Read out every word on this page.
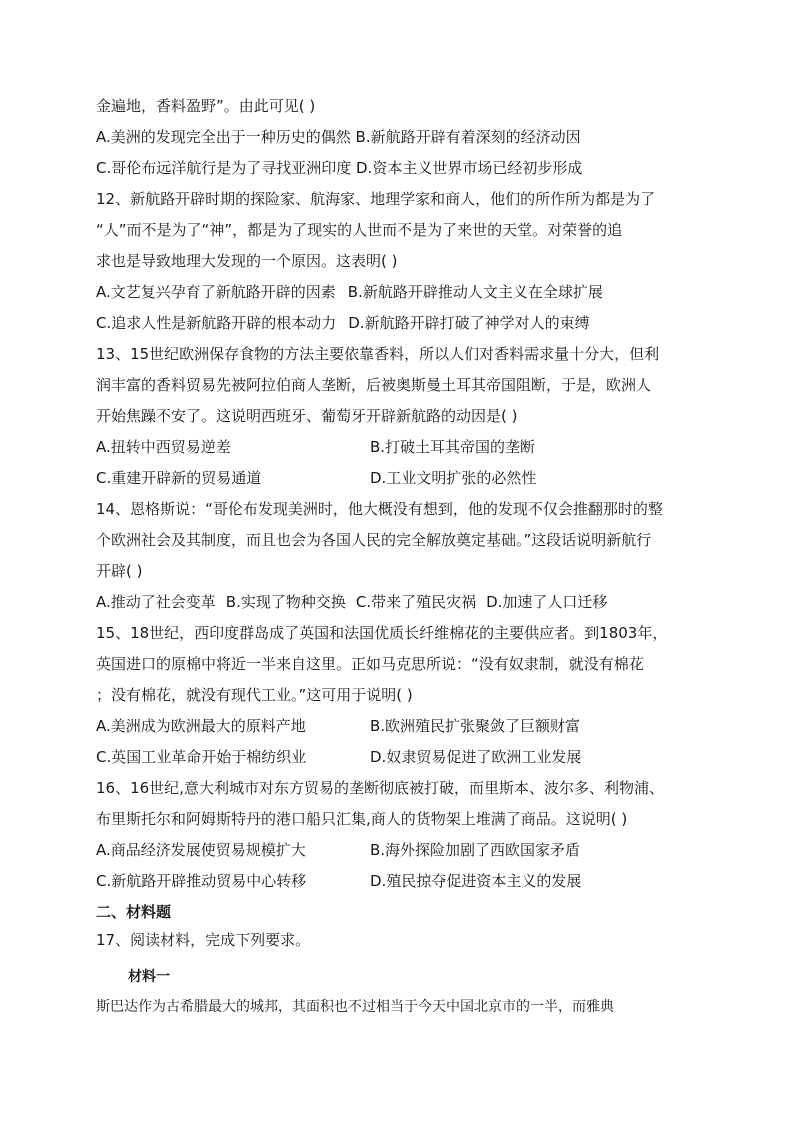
金遍地，香料盈野”。由此可见( )
A.美洲的发现完全出于一种历史的偶然 B.新航路开辟有着深刻的经济动因
C.哥伦布远洋航行是为了寻找亚洲印度 D.资本主义世界市场已经初步形成
12、新航路开辟时期的探险家、航海家、地理学家和商人，他们的所作所为都是为了
“人”而不是为了“神”，都是为了现实的人世而不是为了来世的天堂。对荣誉的追
求也是导致地理大发现的一个原因。这表明( )
A.文艺复兴孕育了新航路开辟的因素 B.新航路开辟推动人文主义在全球扩展
C.追求人性是新航路开辟的根本动力 D.新航路开辟打破了神学对人的束缚
13、15世纪欧洲保存食物的方法主要依靠香料，所以人们对香料需求量十分大，但利
润丰富的香料贸易先被阿拉伯商人垄断，后被奥斯曼土耳其帝国阻断，于是，欧洲人
开始焦躁不安了。这说明西班牙、葡萄牙开辟新航路的动因是( )
A.扭转中西贸易逆差	B.打破土耳其帝国的垄断
C.重建开辟新的贸易通道	D.工业文明扩张的必然性
14、恩格斯说：“哥伦布发现美洲时，他大概没有想到，他的发现不仅会推翻那时的整
个欧洲社会及其制度，而且也会为各国人民的完全解放奠定基础。”这段话说明新航行
开辟( )
A.推动了社会变革 B.实现了物种交换 C.带来了殖民灾祸 D.加速了人口迁移
15、18世纪，西印度群岛成了英国和法国优质长纤维棉花的主要供应者。到1803年，
英国进口的原棉中将近一半来自这里。正如马克思所说：“没有奴隶制，就没有棉花
；没有棉花，就没有现代工业。”这可用于说明( )
A.美洲成为欧洲最大的原料产地	B.欧洲殖民扩张聚敛了巨额财富
C.英国工业革命开始于棉纺织业	D.奴隶贸易促进了欧洲工业发展
16、16世纪,意大利城市对东方贸易的垄断彻底被打破，而里斯本、波尔多、利物浦、
布里斯托尔和阿姆斯特丹的港口船只汇集,商人的货物架上堆满了商品。这说明( )
A.商品经济发展使贸易规模扩大	B.海外探险加剧了西欧国家矛盾
C.新航路开辟推动贸易中心转移	D.殖民掠夺促进资本主义的发展
二、材料题
17、阅读材料，完成下列要求。
材料一
斯巴达作为古希腊最大的城邦，其面积也不过相当于今天中国北京市的一半，而雅典
